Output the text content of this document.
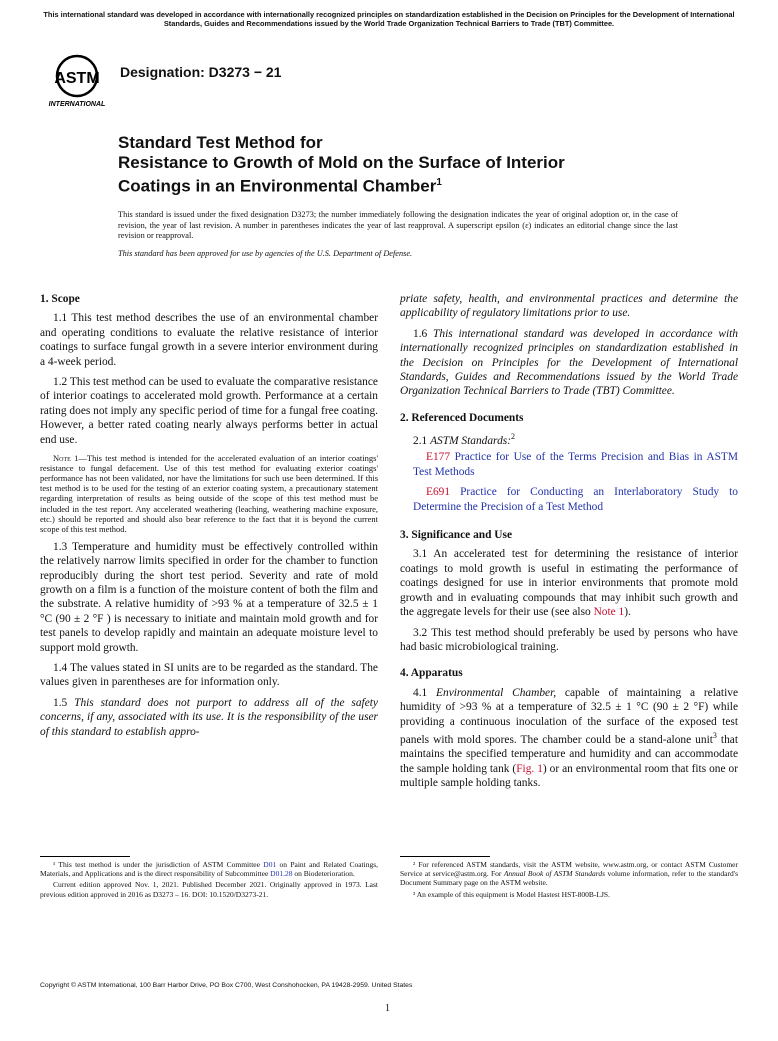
This international standard was developed in accordance with internationally recognized principles on standardization established in the Decision on Principles for the Development of International Standards, Guides and Recommendations issued by the World Trade Organization Technical Barriers to Trade (TBT) Committee.
ASTM
INTERNATIONAL
Designation: D3273 − 21
Standard Test Method for
Resistance to Growth of Mold on the Surface of Interior
Coatings in an Environmental Chamber$^1$
This standard is issued under the fixed designation D3273; the number immediately following the designation indicates the year of original adoption or, in the case of revision, the year of last revision. A number in parentheses indicates the year of last reapproval. A superscript epsilon (ε) indicates an editorial change since the last revision or reapproval.
This standard has been approved for use by agencies of the U.S. Department of Defense.
1. Scope

1.1 This test method describes the use of an environmental chamber and operating conditions to evaluate the relative resistance of interior coatings to surface fungal growth in a severe interior environment during a 4-week period.

1.2 This test method can be used to evaluate the comparative resistance of interior coatings to accelerated mold growth. Performance at a certain rating does not imply any specific period of time for a fungal free coating. However, a better rated coating nearly always performs better in actual end use.

Note 1—This test method is intended for the accelerated evaluation of an interior coatings' resistance to fungal defacement. Use of this test method for evaluating exterior coatings' performance has not been validated, nor have the limitations for such use been determined. If this test method is to be used for the testing of an exterior coating system, a precautionary statement regarding interpretation of results as being outside of the scope of this test method must be included in the test report. Any accelerated weathering (leaching, weathering machine exposure, etc.) should be reported and should also bear reference to the fact that it is beyond the current scope of this test method.

1.3 Temperature and humidity must be effectively controlled within the relatively narrow limits specified in order for the chamber to function reproducibly during the short test period. Severity and rate of mold growth on a film is a function of the moisture content of both the film and the substrate. A relative humidity of >93 % at a temperature of 32.5 ± 1 °C (90 ± 2 °F ) is necessary to initiate and maintain mold growth and for test panels to develop rapidly and maintain an adequate moisture level to support mold growth.

1.4 The values stated in SI units are to be regarded as the standard. The values given in parentheses are for information only.

1.5 This standard does not purport to address all of the safety concerns, if any, associated with its use. It is the responsibility of the user of this standard to establish appro-

priate safety, health, and environmental practices and determine the applicability of regulatory limitations prior to use.

1.6 This international standard was developed in accordance with internationally recognized principles on standardization established in the Decision on Principles for the Development of International Standards, Guides and Recommendations issued by the World Trade Organization Technical Barriers to Trade (TBT) Committee.

2. Referenced Documents

2.1 ASTM Standards:$^2$

E177 Practice for Use of the Terms Precision and Bias in ASTM Test Methods

E691 Practice for Conducting an Interlaboratory Study to Determine the Precision of a Test Method

3. Significance and Use

3.1 An accelerated test for determining the resistance of interior coatings to mold growth is useful in estimating the performance of coatings designed for use in interior environments that promote mold growth and in evaluating compounds that may inhibit such growth and the aggregate levels for their use (see also Note 1).

3.2 This test method should preferably be used by persons who have had basic microbiological training.

4. Apparatus

4.1 Environmental Chamber, capable of maintaining a relative humidity of >93 % at a temperature of 32.5 ± 1 °C (90 ± 2 °F) while providing a continuous inoculation of the surface of the exposed test panels with mold spores. The chamber could be a stand-alone unit$^3$ that maintains the specified temperature and humidity and can accommodate the sample holding tank (Fig. 1) or an environmental room that fits one or multiple sample holding tanks.

¹ This test method is under the jurisdiction of ASTM Committee D01 on Paint and Related Coatings, Materials, and Applications and is the direct responsibility of Subcommittee D01.28 on Biodeterioration.

Current edition approved Nov. 1, 2021. Published December 2021. Originally approved in 1973. Last previous edition approved in 2016 as D3273 – 16. DOI: 10.1520/D3273-21.

² For referenced ASTM standards, visit the ASTM website, www.astm.org, or contact ASTM Customer Service at service@astm.org. For Annual Book of ASTM Standards volume information, refer to the standard's Document Summary page on the ASTM website.

³ An example of this equipment is Model Hastest HST-800B-LJS.

Copyright © ASTM International, 100 Barr Harbor Drive, PO Box C700, West Conshohocken, PA 19428-2959. United States
1
